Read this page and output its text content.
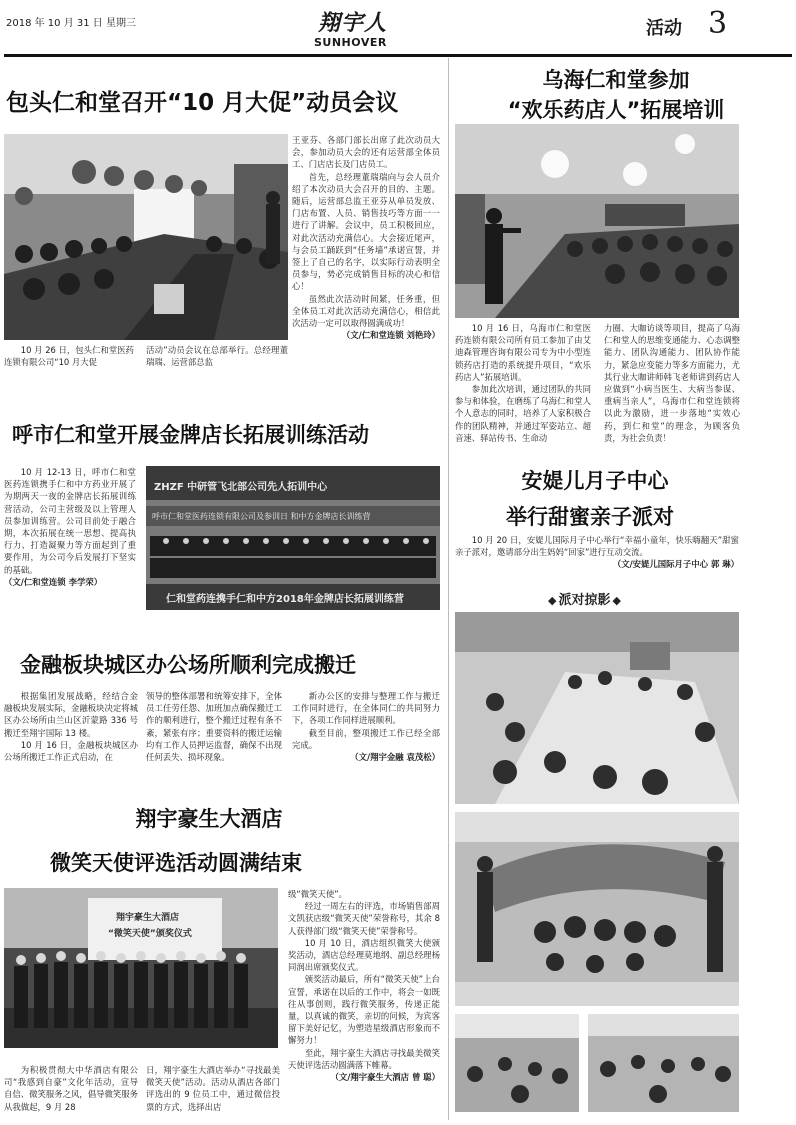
2018 年 10 月 31 日 星期三	翔宇人
SUNHOVER
活动 3
包头仁和堂召开“10 月大促”动员会议

10 月 26 日，包头仁和堂医药连锁有限公司“10 月大促

活动”动员会议在总部举行。总经理董瑞瑞、运营部总监

王亚芬、各部门部长出席了此次动员大会，参加动员大会的还有运营部全体员工、门店店长及门店员工。

首先，总经理董瑞瑞向与会人员介绍了本次动员大会召开的目的、主题。随后，运营部总监王亚芬从单员发放、门店布置、人员、销售技巧等方面一一进行了讲解。会议中，员工积极回应，对此次活动充满信心。大会接近尾声，与会员工踊跃到“任务墙”承诺宣誓，并签上了自己的名字，以实际行动表明全员参与，势必完成销售目标的决心和信心！

虽然此次活动时间紧，任务重，但全体员工对此次活动充满信心，相信此次活动一定可以取得圆满成功！

（文/仁和堂连锁 刘艳玲）
乌海仁和堂参加
“欢乐药店人”拓展培训

10 月 16 日，乌海市仁和堂医药连锁有限公司所有员工参加了由艾迪森管理咨询有限公司专为中小型连锁药店打造的系统提升项目，“欢乐药店人”拓展培训。

参加此次培训，通过团队的共同参与和体验，在磨练了乌海仁和堂人个人意志的同时，培养了人家积极合作的团队精神，并通过军姿站立、超音速、驿站传书、生命动

力圈、大咖访谈等项目，提高了乌海仁和堂人的思维变通能力、心态调整能力、团队沟通能力、团队协作能力，紧急应变能力等多方面能力，尤其行业大咖讲师韩飞老师讲到药店人应做到“小病当医生、大病当参谋、重病当亲人”，乌海市仁和堂连锁将以此为激励，进一步落地“实效心药，到仁和堂”的理念，为顾客负责，为社会负责！

呼市仁和堂开展金牌店长拓展训练活动

10 月 12-13 日，呼市仁和堂医药连锁携手仁和中方药业开展了为期两天一夜的金牌店长拓展训练营活动，公司主营级及以上管理人员参加训练营。公司目前处于融合期，本次拓展在统一思想、提高执行力、打造凝聚力等方面起到了重要作用，为公司今后发展打下坚实的基础。

（文/仁和堂连锁 李学荣）
ZHZF 中研管飞北部公司先人拓训中心
呼市仁和堂医药连锁有限公司及参训日 和中方金牌店长训练营
仁和堂药连携手仁和中方2018年金牌店长拓展训练营
安媞儿月子中心
举行甜蜜亲子派对

10 月 20 日，安媞儿国际月子中心举行“幸福小童年，快乐嗨翻天”甜蜜亲子派对，邀请部分出生妈妈“回家”进行互动交流。

（文/安媞儿国际月子中心 郭 琳）
◆ 派对掠影 ◆
金融板块城区办公场所顺利完成搬迁

根据集团发展战略，经结合金融板块发展实际，金融板块决定将城区办公场所由兰山区沂蒙路 336 号搬迁至翔宇国际 13 楼。

10 月 16 日，金融板块城区办公场所搬迁工作正式启动，在

领导的整体部署和统筹安排下，全体员工任劳任怨、加班加点确保搬迁工作的顺利进行，整个搬迁过程有条不紊，紧张有序；重要资料的搬迁运输均有工作人员押运监督，确保不出现任何丢失、损坏现象。

新办公区的安排与整理工作与搬迁工作同时进行，在全体同仁的共同努力下，各项工作同样进展顺利。

截至目前，整项搬迁工作已经全部完成。

（文/翔宇金融 袁茂松）
翔宇豪生大酒店
微笑天使评选活动圆满结束
翔宇豪生大酒店
“微笑天使”颁奖仪式

为积极贯彻大中华酒店有限公司“我感到自豪”文化年活动，宣导自信、微笑服务之风，倡导微笑服务从我做起，9 月 28

日，翔宇豪生大酒店举办“寻找最美微笑天使”活动。活动从酒店各部门评选出的 9 位员工中，通过微信投票的方式，选择出店

级“微笑天使”。

经过一周左右的评选，市场销售部周文凯获店级“微笑天使”荣誉称号，其余 8 人获得部门级“微笑天使”荣誉称号。

10 月 10 日，酒店组织微笑大使颁奖活动，酒店总经理莫地纲、副总经理杨同润出席颁奖仪式。

颁奖活动最后，所有“微笑天使”上台宣誓，承诺在以后的工作中，将会一如既往从事创则，践行微笑服务，传递正能量，以真诚的微笑，亲切的问候，为宾客留下美好记忆，为塑造星级酒店形象而不懈努力！

至此，翔宇豪生大酒店寻找最美微笑天使评选活动圆满落下帷幕。

（文/翔宇豪生大酒店 曾 聪）
